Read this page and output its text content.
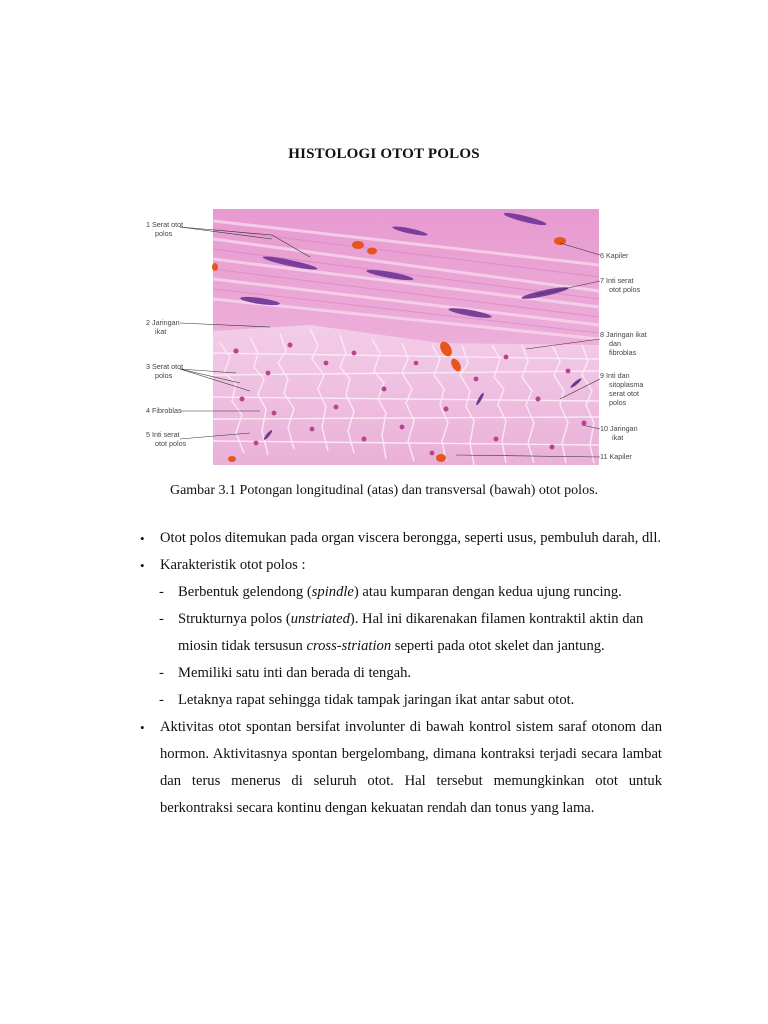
HISTOLOGI OTOT POLOS
1 Serat otot
polos
2 Jaringan
ikat
3 Serat otot
polos
4 Fibroblas
5 Inti serat
otot polos
6 Kapiler
7 Inti serat
otot polos
8 Jaringan ikat
dan
fibroblas
9 Inti dan
sitoplasma
serat otot
polos
10 Jaringan
ikat
11 Kapiler
Gambar 3.1 Potongan longitudinal (atas) dan transversal (bawah) otot polos.
•	Otot polos ditemukan pada organ viscera berongga, seperti usus, pembuluh darah, dll.
•	Karakteristik otot polos :
- Berbentuk gelendong (spindle) atau kumparan dengan kedua ujung runcing.
- Strukturnya polos (unstriated). Hal ini dikarenakan filamen kontraktil aktin dan miosin tidak tersusun cross-striation seperti pada otot skelet dan jantung.
- Memiliki satu inti dan berada di tengah.
- Letaknya rapat sehingga tidak tampak jaringan ikat antar sabut otot.
•	Aktivitas otot spontan bersifat involunter di bawah kontrol sistem saraf otonom dan hormon. Aktivitasnya spontan bergelombang, dimana kontraksi terjadi secara lambat dan terus menerus di seluruh otot. Hal tersebut memungkinkan otot untuk berkontraksi secara kontinu dengan kekuatan rendah dan tonus yang lama.
